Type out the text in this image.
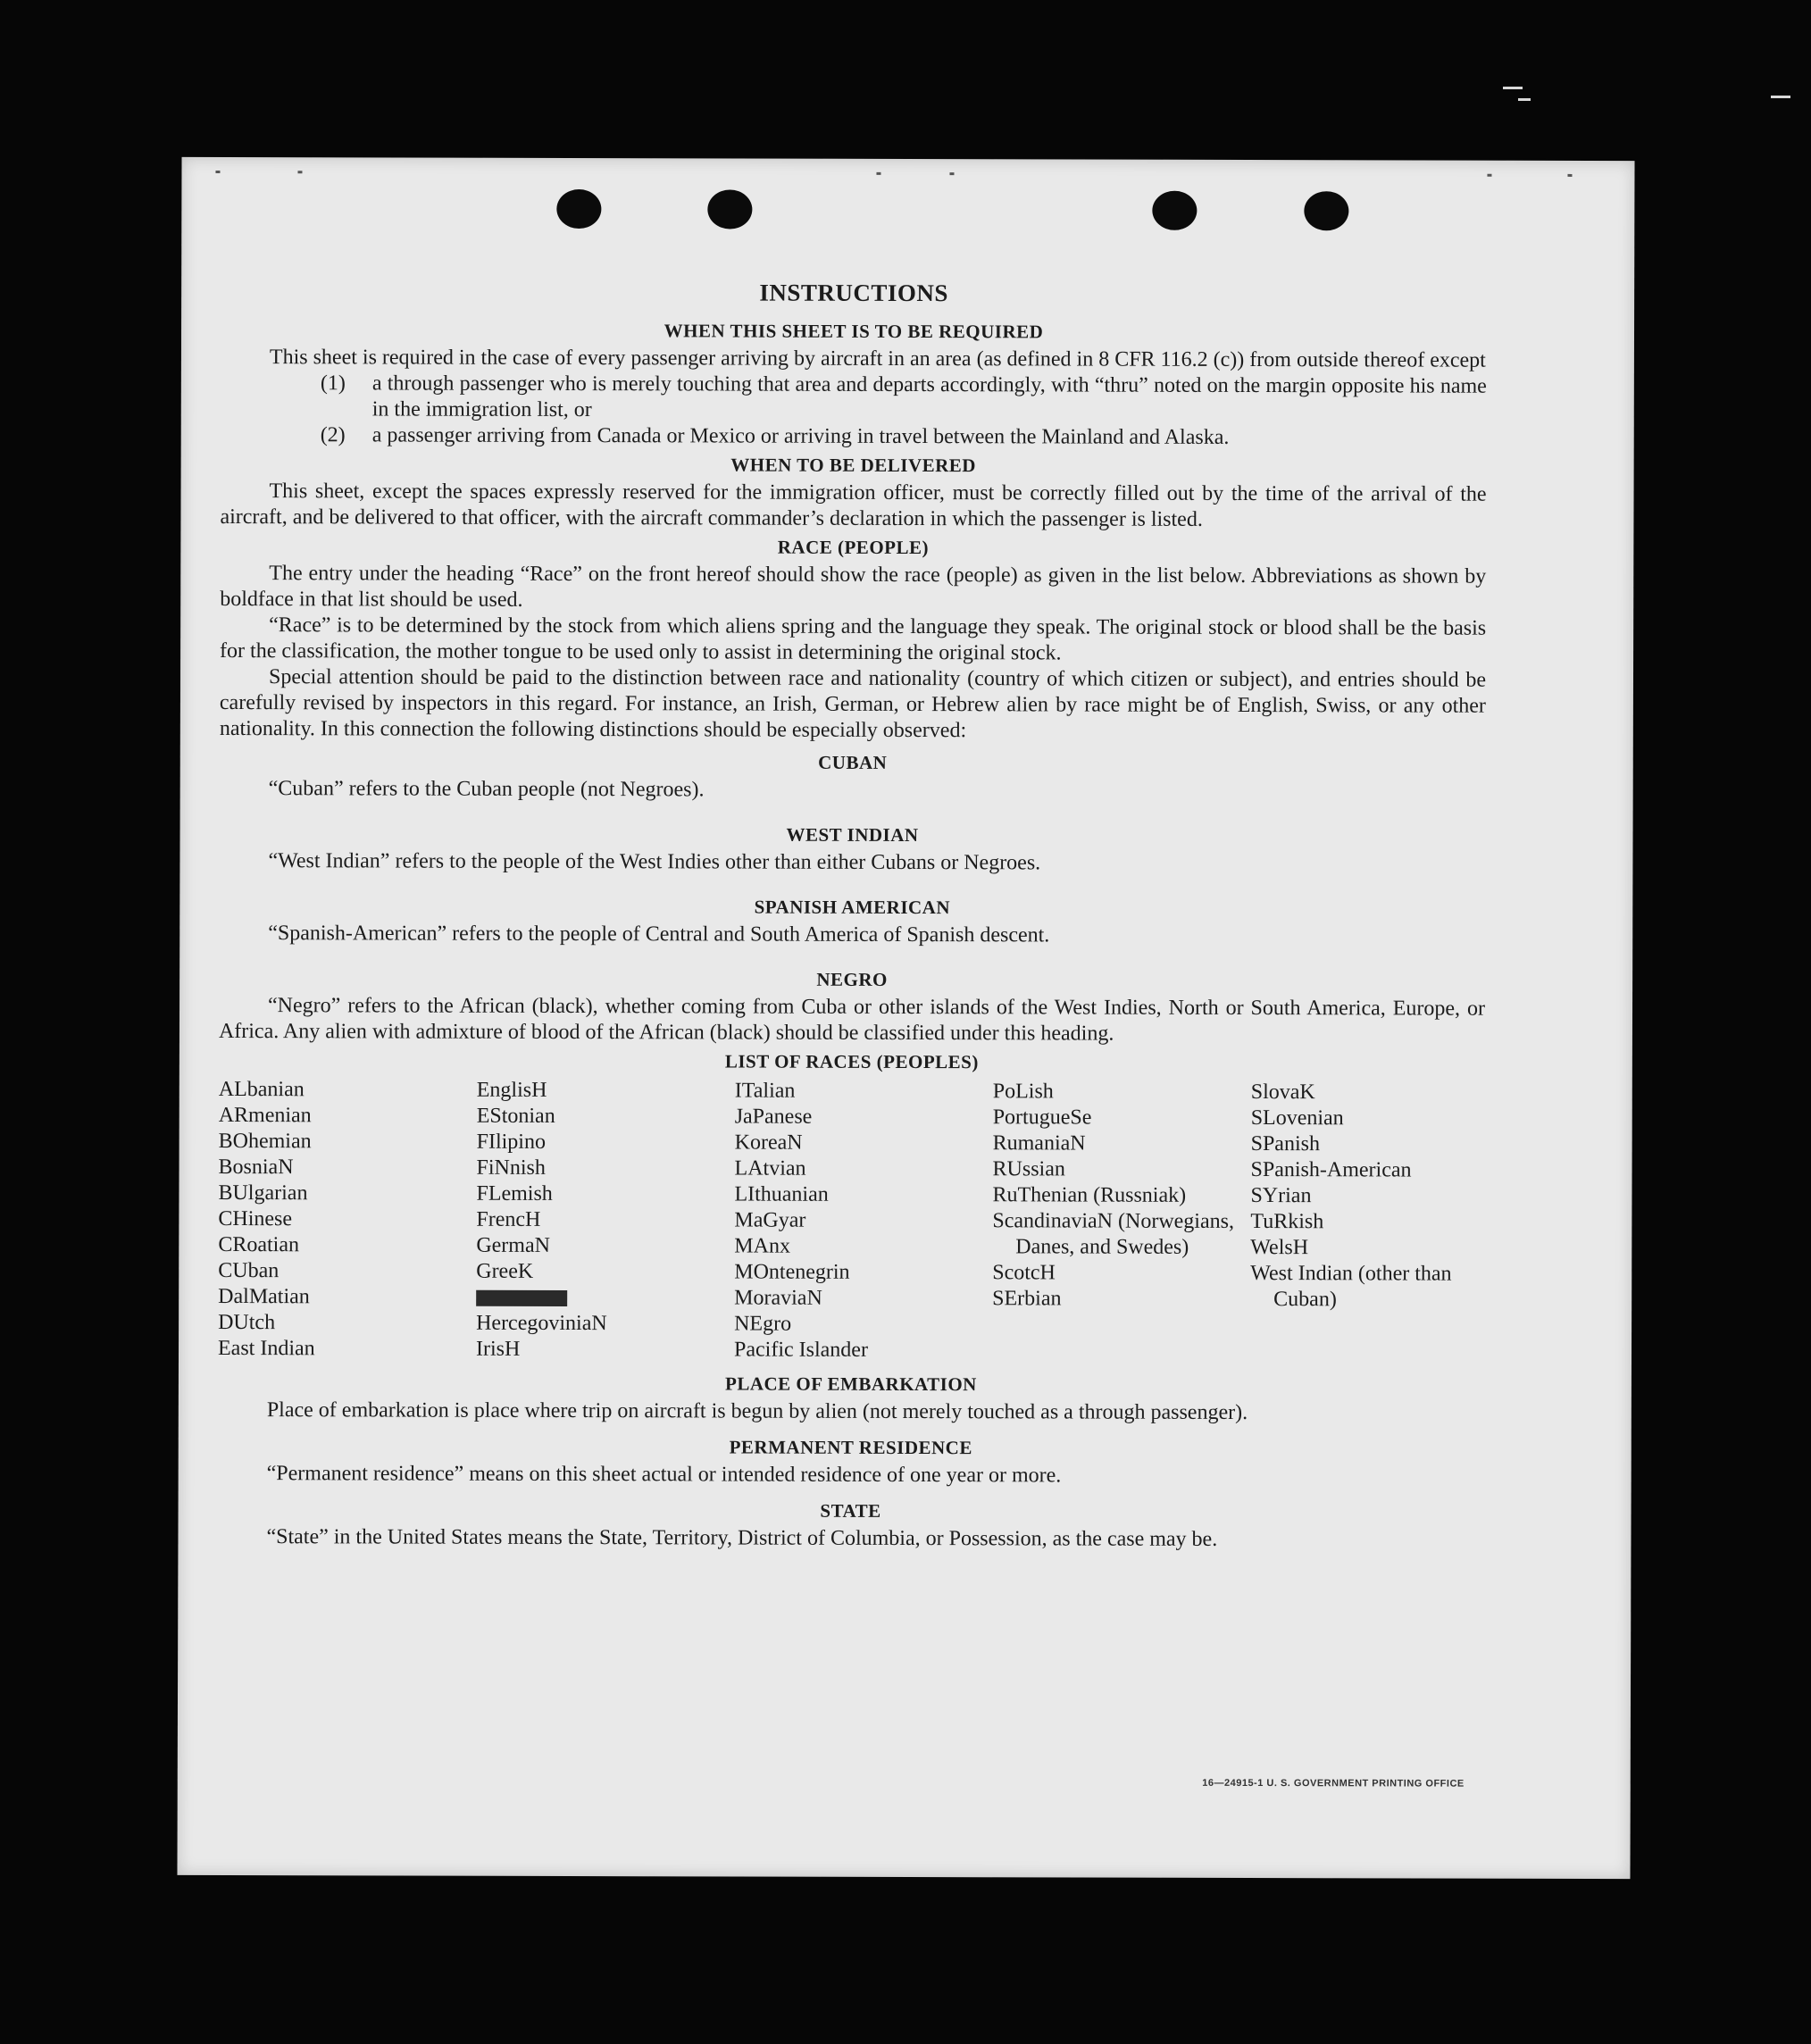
INSTRUCTIONS
WHEN THIS SHEET IS TO BE REQUIRED

This sheet is required in the case of every passenger arriving by aircraft in an area (as defined in 8 CFR 116.2 (c)) from outside thereof except

(1)	a through passenger who is merely touching that area and departs accordingly, with “thru” noted on the margin opposite his name in the immigration list, or
(2)	a passenger arriving from Canada or Mexico or arriving in travel between the Mainland and Alaska.
WHEN TO BE DELIVERED

This sheet, except the spaces expressly reserved for the immigration officer, must be correctly filled out by the time of the arrival of the aircraft, and be delivered to that officer, with the aircraft commander’s declaration in which the passenger is listed.

RACE (PEOPLE)

The entry under the heading “Race” on the front hereof should show the race (people) as given in the list below. Abbreviations as shown by boldface in that list should be used.

“Race” is to be determined by the stock from which aliens spring and the language they speak. The original stock or blood shall be the basis for the classification, the mother tongue to be used only to assist in determining the original stock.

Special attention should be paid to the distinction between race and nationality (country of which citizen or subject), and entries should be carefully revised by inspectors in this regard. For instance, an Irish, German, or Hebrew alien by race might be of English, Swiss, or any other nationality. In this connection the following distinctions should be especially observed:

CUBAN

“Cuban” refers to the Cuban people (not Negroes).

WEST INDIAN

“West Indian” refers to the people of the West Indies other than either Cubans or Negroes.

SPANISH AMERICAN

“Spanish-American” refers to the people of Central and South America of Spanish descent.

NEGRO

“Negro” refers to the African (black), whether coming from Cuba or other islands of the West Indies, North or South America, Europe, or Africa. Any alien with admixture of blood of the African (black) should be classified under this heading.

LIST OF RACES (PEOPLES)
ALbanian
ARmenian
BOhemian
BosniaN
BUlgarian
CHinese
CRoatian
CUban
DalMatian
DUtch
East Indian
EnglisH
EStonian
FIlipino
FiNnish
FLemish
FrencH
GermaN
GreeK
HercegoviniaN
IrisH
ITalian
JaPanese
KoreaN
LAtvian
LIthuanian
MaGyar
MAnx
MOntenegrin
MoraviaN
NEgro
Pacific Islander
PoLish
PortugueSe
RumaniaN
RUssian
RuThenian (Russniak)
ScandinaviaN (Norwegians, Danes, and Swedes)
ScotcH
SErbian
SlovaK
SLovenian
SPanish
SPanish-American
SYrian
TuRkish
WelsH
West Indian (other than Cuban)
PLACE OF EMBARKATION

Place of embarkation is place where trip on aircraft is begun by alien (not merely touched as a through passenger).

PERMANENT RESIDENCE

“Permanent residence” means on this sheet actual or intended residence of one year or more.

STATE

“State” in the United States means the State, Territory, District of Columbia, or Possession, as the case may be.

16—24915-1 U. S. GOVERNMENT PRINTING OFFICE
